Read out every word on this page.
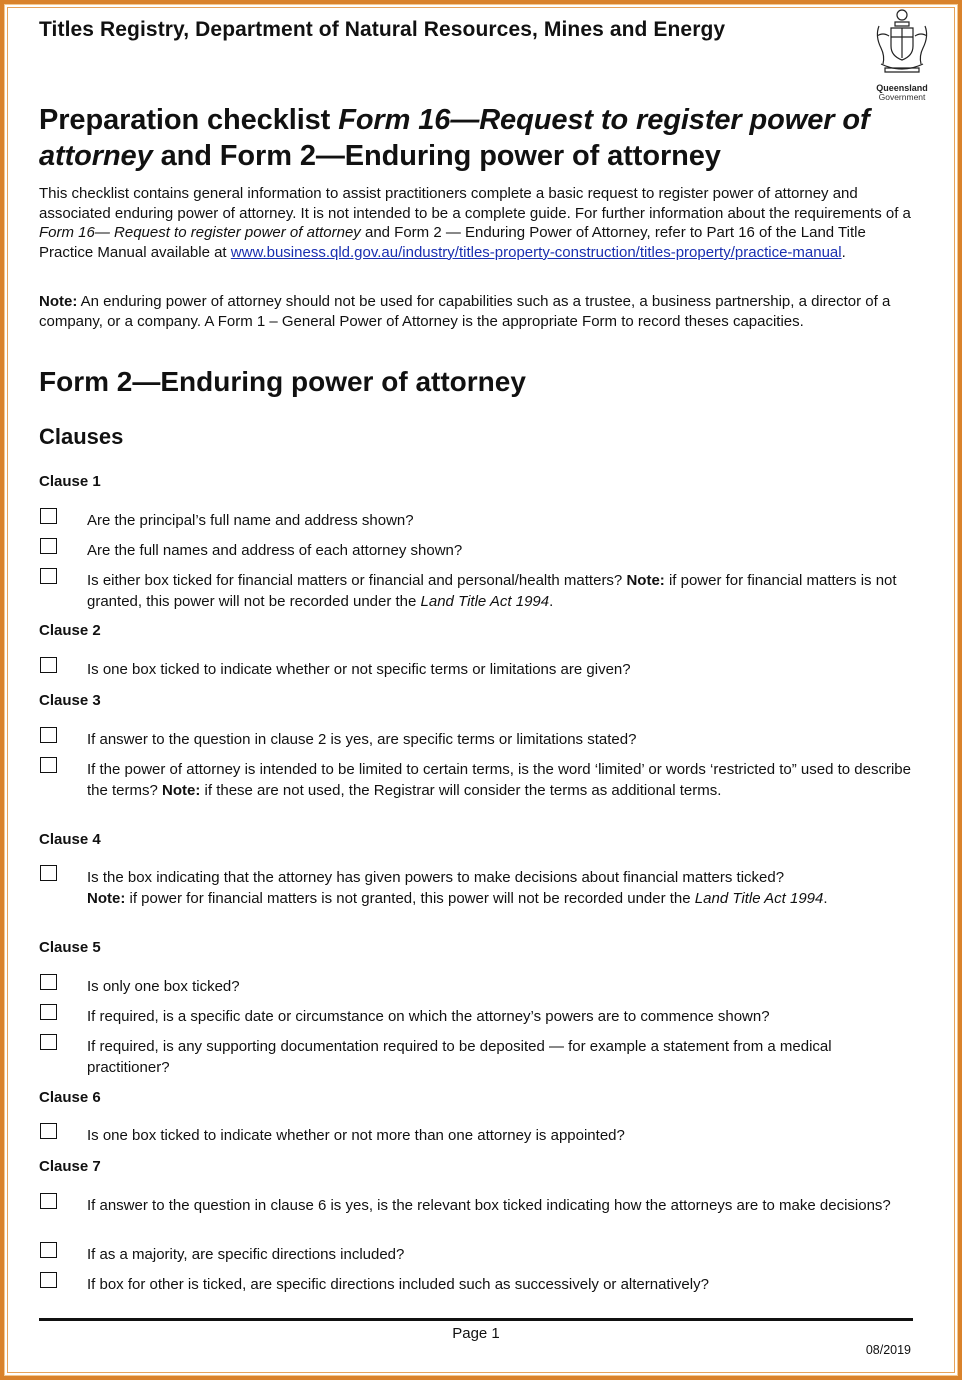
Titles Registry, Department of Natural Resources, Mines and Energy
Queensland
Government
Preparation checklist Form 16—Request to register power of attorney and Form 2—Enduring power of attorney

This checklist contains general information to assist practitioners complete a basic request to register power of attorney and associated enduring power of attorney. It is not intended to be a complete guide. For further information about the requirements of a Form 16— Request to register power of attorney and Form 2 — Enduring Power of Attorney, refer to Part 16 of the Land Title Practice Manual available at www.business.qld.gov.au/industry/titles-property-construction/titles-property/practice-manual.

Note: An enduring power of attorney should not be used for capabilities such as a trustee, a business partnership, a director of a company, or a company. A Form 1 – General Power of Attorney is the appropriate Form to record theses capacities.

Form 2—Enduring power of attorney
Clauses
Clause 1
Are the principal’s full name and address shown?
Are the full names and address of each attorney shown?
Is either box ticked for financial matters or financial and personal/health matters? Note: if power for financial matters is not granted, this power will not be recorded under the Land Title Act 1994.
Clause 2
Is one box ticked to indicate whether or not specific terms or limitations are given?
Clause 3
If answer to the question in clause 2 is yes, are specific terms or limitations stated?
If the power of attorney is intended to be limited to certain terms, is the word ‘limited’ or words ‘restricted to” used to describe the terms? Note: if these are not used, the Registrar will consider the terms as additional terms.
Clause 4
Is the box indicating that the attorney has given powers to make decisions about financial matters ticked?
Note: if power for financial matters is not granted, this power will not be recorded under the Land Title Act 1994.
Clause 5
Is only one box ticked?
If required, is a specific date or circumstance on which the attorney’s powers are to commence shown?
If required, is any supporting documentation required to be deposited — for example a statement from a medical practitioner?
Clause 6
Is one box ticked to indicate whether or not more than one attorney is appointed?
Clause 7
If answer to the question in clause 6 is yes, is the relevant box ticked indicating how the attorneys are to make decisions?
If as a majority, are specific directions included?
If box for other is ticked, are specific directions included such as successively or alternatively?
Page 1
08/2019
